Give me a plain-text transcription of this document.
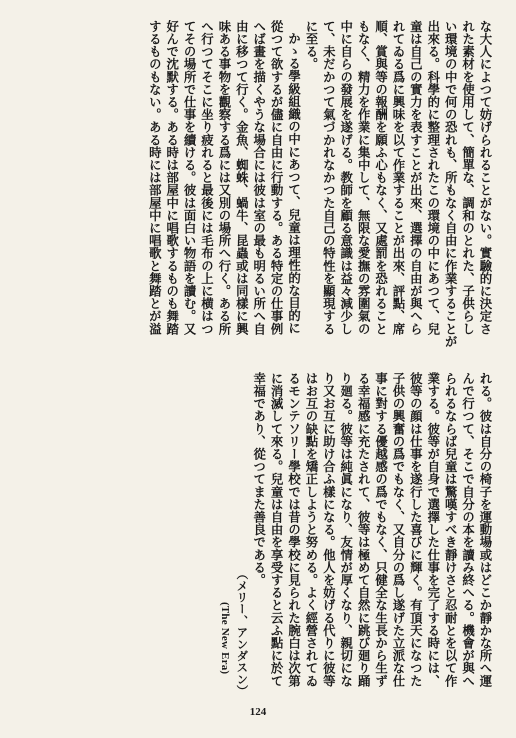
な大人によつて妨げられることがない。實驗的に決定さ
れた素材を使用して、簡單な、調和のとれた、子供らし
い環境の中で何の恐れも、所もなく自由に作業することが
出來る。科學的に整理されたこの環境の中にあつて、兒
童は自己の實力を表すことが出來、選擇の自由が與へら
れてゐる爲に興味を以て作業することが出來、評點、席
順、賞與等の報酬を願ふ心もなく、又處罰を恐れること
もなく、精力を作業に集中して、無限な愛撫の雰圍氣の
中に自らの發展を遂げる。教師を顧る意識は益々減少し
て、未だかつて氣づかれなかつた自己の特性を顯現する
に至る。
かゝる學級組織の中にあつて、兒童は理性的な目的に
從つて欲するが儘に自由に行動する。ある特定の仕事例
へば畫を描くやうな場合には彼は室の最も明るい所へ自
由に移つて行く。金魚、蜘蛛、蝸牛、昆蟲或は同樣に興
味ある事物を觀察する爲には又別の場所へ行く。ある所
へ行つてそこに坐り疲れると最後には毛布の上に横はつ
てその場所で仕事を續ける。彼は面白い物語を讀む。又
好んで沈默する。ある時は部屋中に唱歌するものも舞踏
するものもない。ある時には部屋中に唱歌と舞踏とが溢
れる。彼は自分の椅子を運動場或はどこか靜かな所へ運
んで行つて、そこで自分の本を讀み終へる。機會が與へ
られるならば兒童は驚嘆すべき靜けさと忍耐とを以て作
業する。彼等が自身で選擇した仕事を完了する時には、
彼等の顔は仕事を遂行した喜びに輝く。有頂天になつた
子供の興奮の爲でもなく、又自分の爲し遂げた立派な仕
事に對する優越感の爲でもなく、只健全な生長から生ず
る幸福感に充たされて、彼等は極めて自然に跳び廻り踊
り廻る。彼等は純眞になり、友情が厚くなり、親切にな
り又お互に助け合ふ樣になる。他人を妨げる代りに彼等
はお互の缺點を矯正しようと努める。よく經營されてゐ
るモンテソリー學校では昔の學校に見られた腕白は次第
に消滅して來る。兒童は自由を享受すると云ふ點に於て
幸福であり、從つてまた善良である。
（メリー、アンダスン）
(The New Era)
124
